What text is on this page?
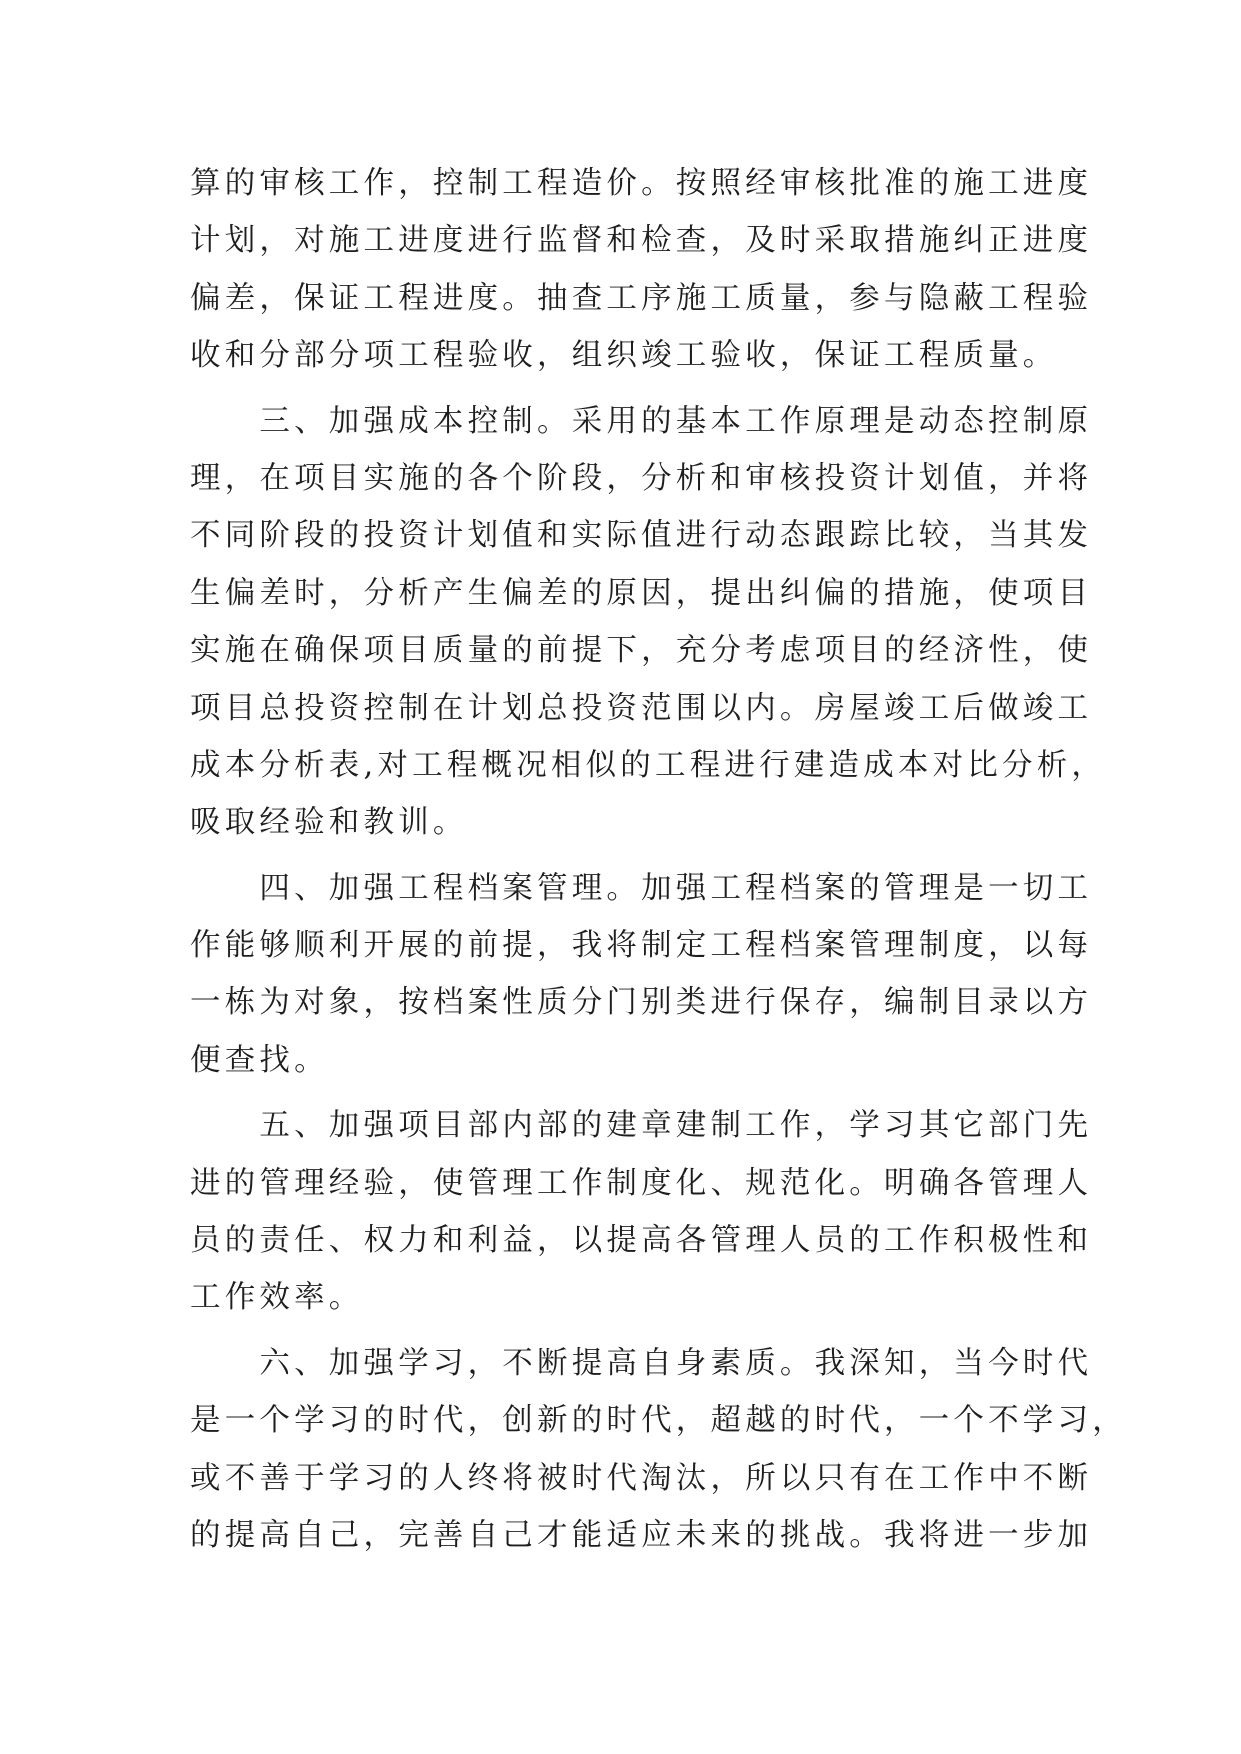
算的审核工作，控制工程造价。按照经审核批准的施工进度
计划，对施工进度进行监督和检查，及时采取措施纠正进度
偏差，保证工程进度。抽查工序施工质量，参与隐蔽工程验
收和分部分项工程验收，组织竣工验收，保证工程质量。
　　三、加强成本控制。采用的基本工作原理是动态控制原
理，在项目实施的各个阶段，分析和审核投资计划值，并将
不同阶段的投资计划值和实际值进行动态跟踪比较，当其发
生偏差时，分析产生偏差的原因，提出纠偏的措施，使项目
实施在确保项目质量的前提下，充分考虑项目的经济性，使
项目总投资控制在计划总投资范围以内。房屋竣工后做竣工
成本分析表,对工程概况相似的工程进行建造成本对比分析，
吸取经验和教训。
　　四、加强工程档案管理。加强工程档案的管理是一切工
作能够顺利开展的前提，我将制定工程档案管理制度，以每
一栋为对象，按档案性质分门别类进行保存，编制目录以方
便查找。
　　五、加强项目部内部的建章建制工作，学习其它部门先
进的管理经验，使管理工作制度化、规范化。明确各管理人
员的责任、权力和利益，以提高各管理人员的工作积极性和
工作效率。
　　六、加强学习，不断提高自身素质。我深知，当今时代
是一个学习的时代，创新的时代，超越的时代，一个不学习，
或不善于学习的人终将被时代淘汰，所以只有在工作中不断
的提高自己，完善自己才能适应未来的挑战。我将进一步加
